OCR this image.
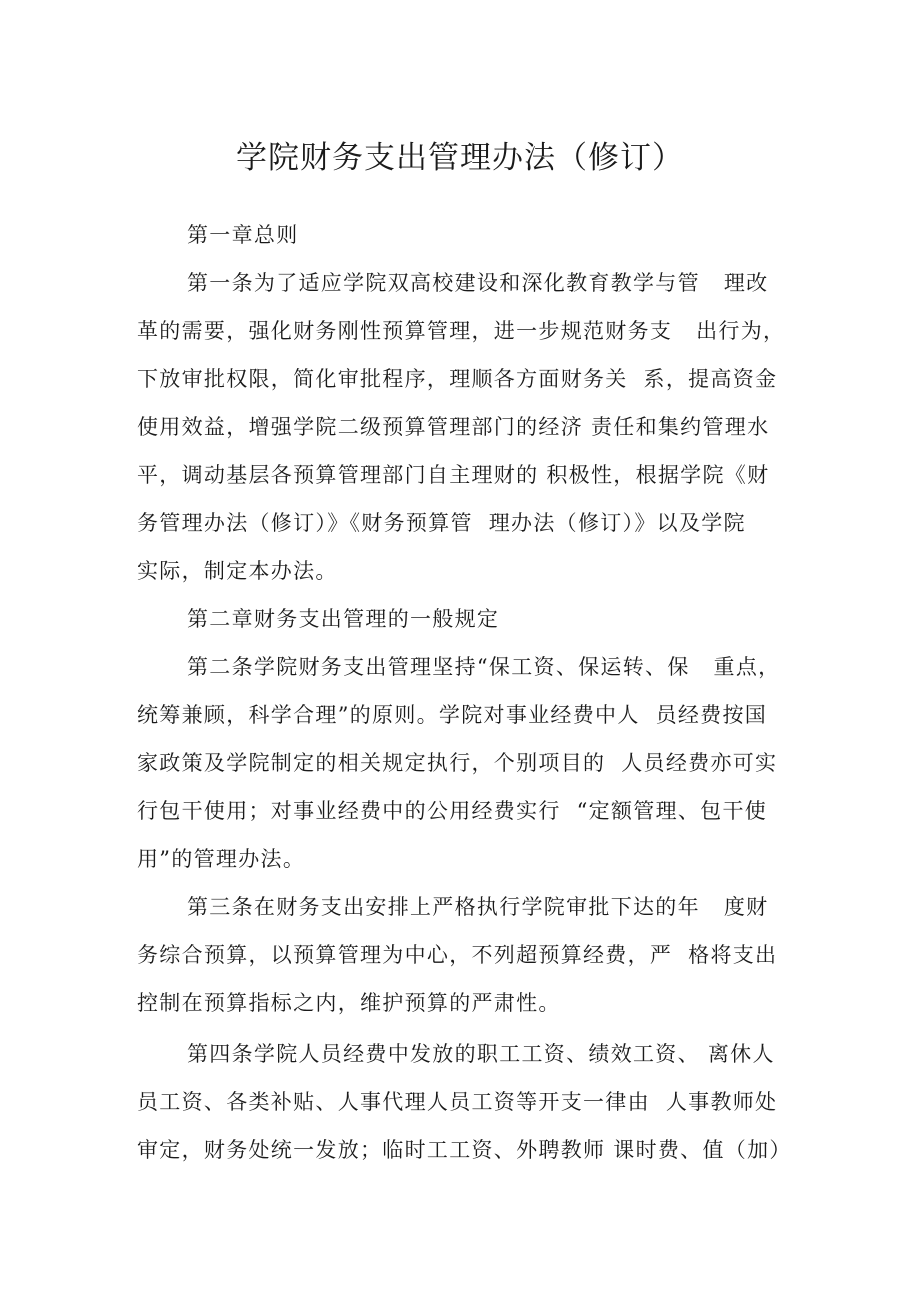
学院财务支出管理办法（修订）

第一章总则

第一条为了适应学院双高校建设和深化教育教学与管   理改

革的需要，强化财务刚性预算管理，进一步规范财务支   出行为，

下放审批权限，简化审批程序，理顺各方面财务关  系，提高资金

使用效益，增强学院二级预算管理部门的经济 责任和集约管理水

平，调动基层各预算管理部门自主理财的 积极性，根据学院《财

务管理办法（修订）》《财务预算管  理办法（修订）》以及学院

实际，制定本办法。

第二章财务支出管理的一般规定

第二条学院财务支出管理坚持“保工资、保运转、保   重点，

统筹兼顾，科学合理”的原则。学院对事业经费中人  员经费按国

家政策及学院制定的相关规定执行，个别项目的  人员经费亦可实

行包干使用；对事业经费中的公用经费实行  “定额管理、包干使

用”的管理办法。

第三条在财务支出安排上严格执行学院审批下达的年   度财

务综合预算，以预算管理为中心，不列超预算经费，严  格将支出

控制在预算指标之内，维护预算的严肃性。

第四条学院人员经费中发放的职工工资、绩效工资、 离休人

员工资、各类补贴、人事代理人员工资等开支一律由  人事教师处

审定，财务处统一发放；临时工工资、外聘教师 课时费、值（加）
